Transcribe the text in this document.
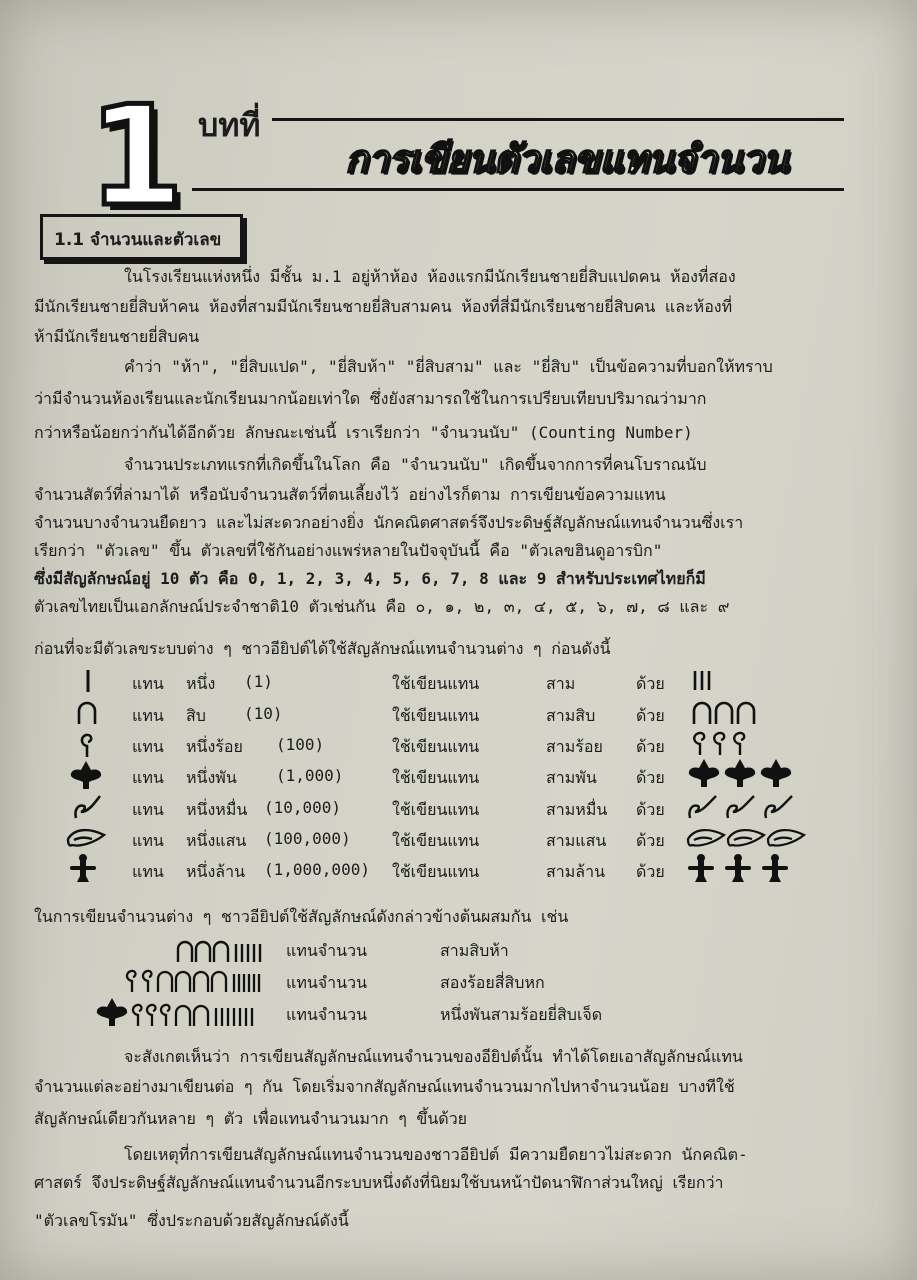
1 บทที่
การเขียนตัวเลขแทนจำนวน
1.1 จำนวนและตัวเลข
ในโรงเรียนแห่งหนึ่ง มีชั้น ม.1 อยู่ห้าห้อง ห้องแรกมีนักเรียนชายยี่สิบแปดคน ห้องที่สอง
มีนักเรียนชายยี่สิบห้าคน ห้องที่สามมีนักเรียนชายยี่สิบสามคน ห้องที่สี่มีนักเรียนชายยี่สิบคน และห้องที่
ห้ามีนักเรียนชายยี่สิบคน
คำว่า "ห้า", "ยี่สิบแปด", "ยี่สิบห้า" "ยี่สิบสาม" และ "ยี่สิบ" เป็นข้อความที่บอกให้ทราบ
ว่ามีจำนวนห้องเรียนและนักเรียนมากน้อยเท่าใด ซึ่งยังสามารถใช้ในการเปรียบเทียบปริมาณว่ามาก
กว่าหรือน้อยกว่ากันได้อีกด้วย ลักษณะเช่นนี้ เราเรียกว่า "จำนวนนับ" (Counting Number)
จำนวนประเภทแรกที่เกิดขึ้นในโลก คือ "จำนวนนับ" เกิดขึ้นจากการที่คนโบราณนับ
จำนวนสัตว์ที่ล่ามาได้ หรือนับจำนวนสัตว์ที่ตนเลี้ยงไว้ อย่างไรก็ตาม การเขียนข้อความแทน
จำนวนบางจำนวนยืดยาว และไม่สะดวกอย่างยิ่ง นักคณิตศาสตร์จึงประดิษฐ์สัญลักษณ์แทนจำนวนซึ่งเรา
เรียกว่า "ตัวเลข" ขึ้น ตัวเลขที่ใช้กันอย่างแพร่หลายในปัจจุบันนี้ คือ "ตัวเลขฮินดูอารบิก"
ซึ่งมีสัญลักษณ์อยู่ 10 ตัว คือ 0, 1, 2, 3, 4, 5, 6, 7, 8 และ 9 สำหรับประเทศไทยก็มี
ตัวเลขไทยเป็นเอกลักษณ์ประจำชาติ10 ตัวเช่นกัน คือ ๐, ๑, ๒, ๓, ๔, ๕, ๖, ๗, ๘ และ ๙
ก่อนที่จะมีตัวเลขระบบต่าง ๆ ชาวอียิปต์ได้ใช้สัญลักษณ์แทนจำนวนต่าง ๆ ก่อนดังนี้
แทน หนึ่ง (1)	ใช้เขียนแทน	สาม	ด้วย
แทน สิบ (10)	ใช้เขียนแทน	สามสิบ	ด้วย
แทน หนึ่งร้อย (100)	ใช้เขียนแทน	สามร้อย ด้วย
แทน หนึ่งพัน (1,000)	ใช้เขียนแทน	สามพัน ด้วย
แทน หนึ่งหมื่น (10,000)	ใช้เขียนแทน	สามหมื่น ด้วย
แทน หนึ่งแสน (100,000)	ใช้เขียนแทน	สามแสน ด้วย
แทน หนึ่งล้าน (1,000,000) ใช้เขียนแทน	สามล้าน ด้วย
ในการเขียนจำนวนต่าง ๆ ชาวอียิปต์ใช้สัญลักษณ์ดังกล่าวข้างต้นผสมกัน เช่น
แทนจำนวน	สามสิบห้า
แทนจำนวน	สองร้อยสี่สิบหก
แทนจำนวน	หนึ่งพันสามร้อยยี่สิบเจ็ด
จะสังเกตเห็นว่า การเขียนสัญลักษณ์แทนจำนวนของอียิปต์นั้น ทำได้โดยเอาสัญลักษณ์แทน
จำนวนแต่ละอย่างมาเขียนต่อ ๆ กัน โดยเริ่มจากสัญลักษณ์แทนจำนวนมากไปหาจำนวนน้อย บางทีใช้
สัญลักษณ์เดียวกันหลาย ๆ ตัว เพื่อแทนจำนวนมาก ๆ ขึ้นด้วย
โดยเหตุที่การเขียนสัญลักษณ์แทนจำนวนของชาวอียิปต์ มีความยืดยาวไม่สะดวก นักคณิต-
ศาสตร์ จึงประดิษฐ์สัญลักษณ์แทนจำนวนอีกระบบหนึ่งดังที่นิยมใช้บนหน้าปัดนาฬิกาส่วนใหญ่ เรียกว่า
"ตัวเลขโรมัน" ซึ่งประกอบด้วยสัญลักษณ์ดังนี้
